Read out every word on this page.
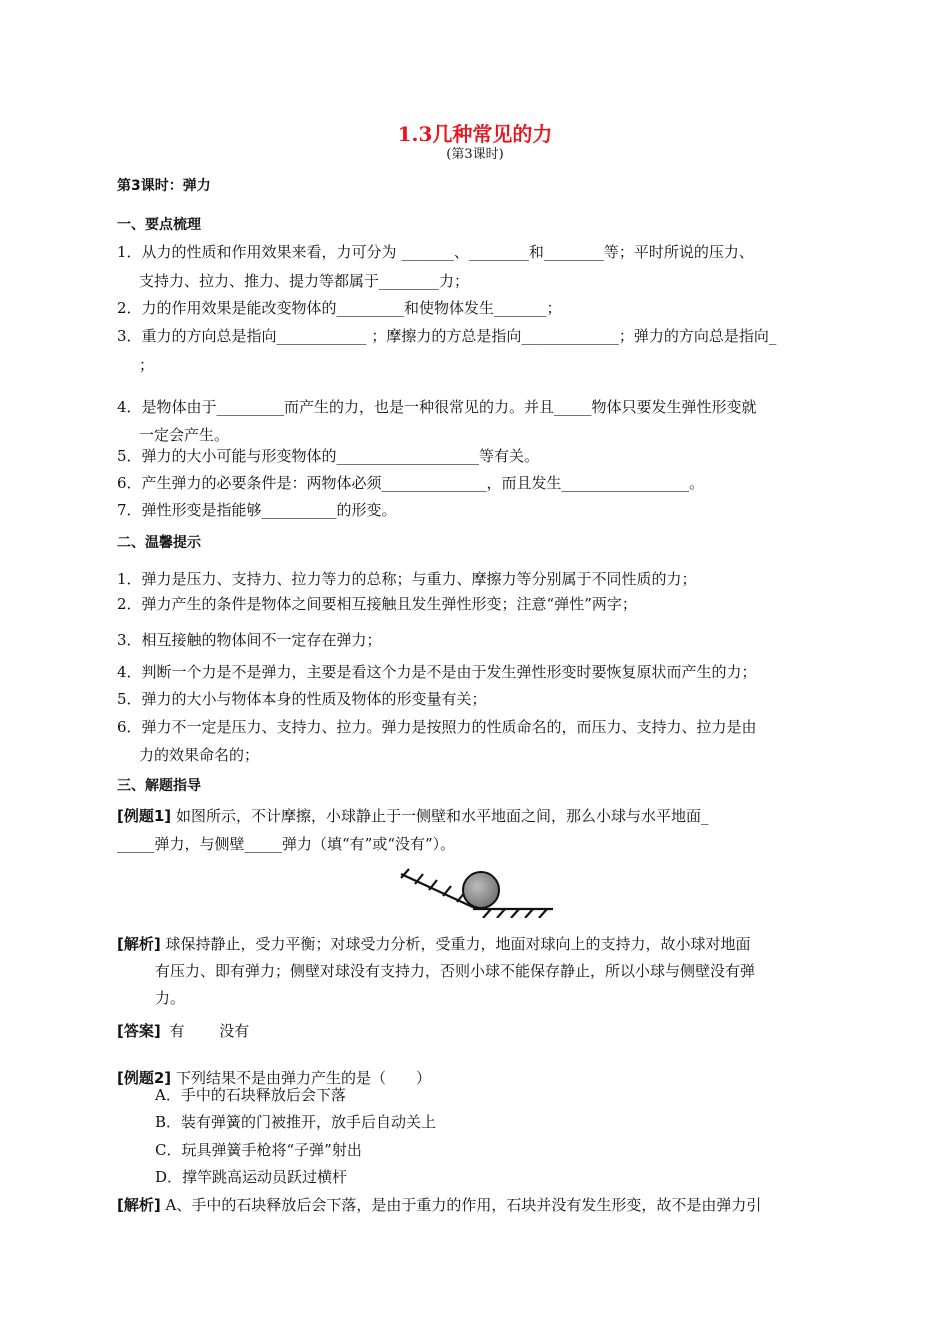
1.3几种常见的力
(第3课时)
第3课时：弹力
一、要点梳理
1．从力的性质和作用效果来看，力可分为 _______、________和________等；平时所说的压力、
支持力、拉力、推力、提力等都属于________力；
2．力的作用效果是能改变物体的_________和使物体发生_______；
3．重力的方向总是指向____________ ；摩擦力的方总是指向_____________；弹力的方向总是指向_
；
4．是物体由于_________而产生的力，也是一种很常见的力。并且_____物体只要发生弹性形变就
一定会产生。
5．弹力的大小可能与形变物体的___________________等有关。
6．产生弹力的必要条件是：两物体必须______________，而且发生_________________。
7．弹性形变是指能够__________的形变。
二、温馨提示
1．弹力是压力、支持力、拉力等力的总称；与重力、摩擦力等分别属于不同性质的力；
2．弹力产生的条件是物体之间要相互接触且发生弹性形变；注意“弹性”两字；
3．相互接触的物体间不一定存在弹力；
4．判断一个力是不是弹力，主要是看这个力是不是由于发生弹性形变时要恢复原状而产生的力；
5．弹力的大小与物体本身的性质及物体的形变量有关；
6．弹力不一定是压力、支持力、拉力。弹力是按照力的性质命名的，而压力、支持力、拉力是由
力的效果命名的；
三、解题指导
[例题1] 如图所示，不计摩擦，小球静止于一侧壁和水平地面之间，那么小球与水平地面_
_____弹力，与侧壁_____弹力（填“有”或“没有”）。
[解析] 球保持静止，受力平衡；对球受力分析，受重力，地面对球向上的支持力，故小球对地面
有压力、即有弹力；侧壁对球没有支持力，否则小球不能保存静止，所以小球与侧壁没有弹
力。
[答案] 有 没有
[例题2] 下列结果不是由弹力产生的是（　　）
A．手中的石块释放后会下落
B．装有弹簧的门被推开，放手后自动关上
C．玩具弹簧手枪将“子弹”射出
D．撑竿跳高运动员跃过横杆
[解析] A、手中的石块释放后会下落，是由于重力的作用，石块并没有发生形变，故不是由弹力引
